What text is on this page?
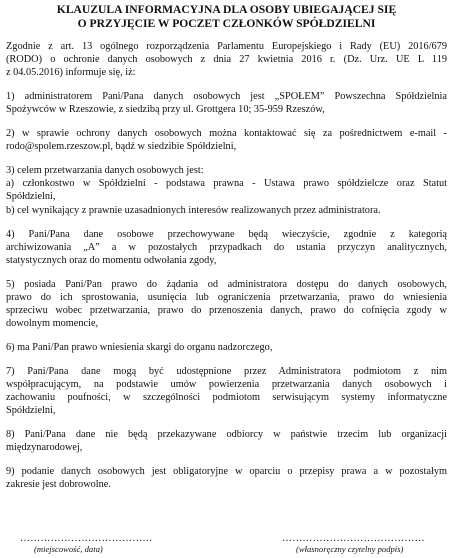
KLAUZULA INFORMACYJNA DLA OSOBY UBIEGAJĄCEJ SIĘ
O PRZYJĘCIE W POCZET CZŁONKÓW SPÓŁDZIELNI
Zgodnie z art. 13 ogólnego rozporządzenia Parlamentu Europejskiego i Rady (EU) 2016/679
(RODO) o ochronie danych osobowych z dnia 27 kwietnia 2016 r. (Dz. Urz. UE L 119
z 04.05.2016) informuje się, iż:
1) administratorem Pani/Pana danych osobowych jest „SPOŁEM” Powszechna Spółdzielnia
Spożywców w Rzeszowie, z siedzibą przy ul. Grottgera 10; 35-959 Rzeszów,
2) w sprawie ochrony danych osobowych można kontaktować się za pośrednictwem e-mail -
rodo@spolem.rzeszow.pl, bądź w siedzibie Spółdzielni,
3) celem przetwarzania danych osobowych jest:
a) członkostwo w Spółdzielni - podstawa prawna - Ustawa prawo spółdzielcze oraz Statut
Spółdzielni,
b) cel wynikający z prawnie uzasadnionych interesów realizowanych przez administratora.
4) Pani/Pana dane osobowe przechowywane będą wieczyście, zgodnie z kategorią
archiwizowania „A” a w pozostałych przypadkach do ustania przyczyn analitycznych,
statystycznych oraz do momentu odwołania zgody,
5) posiada Pani/Pan prawo do żądania od administratora dostępu do danych osobowych,
prawo do ich sprostowania, usunięcia lub ograniczenia przetwarzania, prawo do wniesienia
sprzeciwu wobec przetwarzania, prawo do przenoszenia danych, prawo do cofnięcia zgody w
dowolnym momencie,
6) ma Pani/Pan prawo wniesienia skargi do organu nadzorczego,
7) Pani/Pana dane mogą być udostępnione przez Administratora podmiotom z nim
współpracującym, na podstawie umów powierzenia przetwarzania danych osobowych i
zachowaniu poufności, w szczególności podmiotom serwisującym systemy informatyczne
Spółdzielni,
8) Pani/Pana dane nie będą przekazywane odbiorcy w państwie trzecim lub organizacji
międzynarodowej,
9) podanie danych osobowych jest obligatoryjne w oparciu o przepisy prawa a w pozostałym
zakresie jest dobrowolne.
…………………………………	……………………………………
(miejscowość, data)	(własnoręczny czytelny podpis)
